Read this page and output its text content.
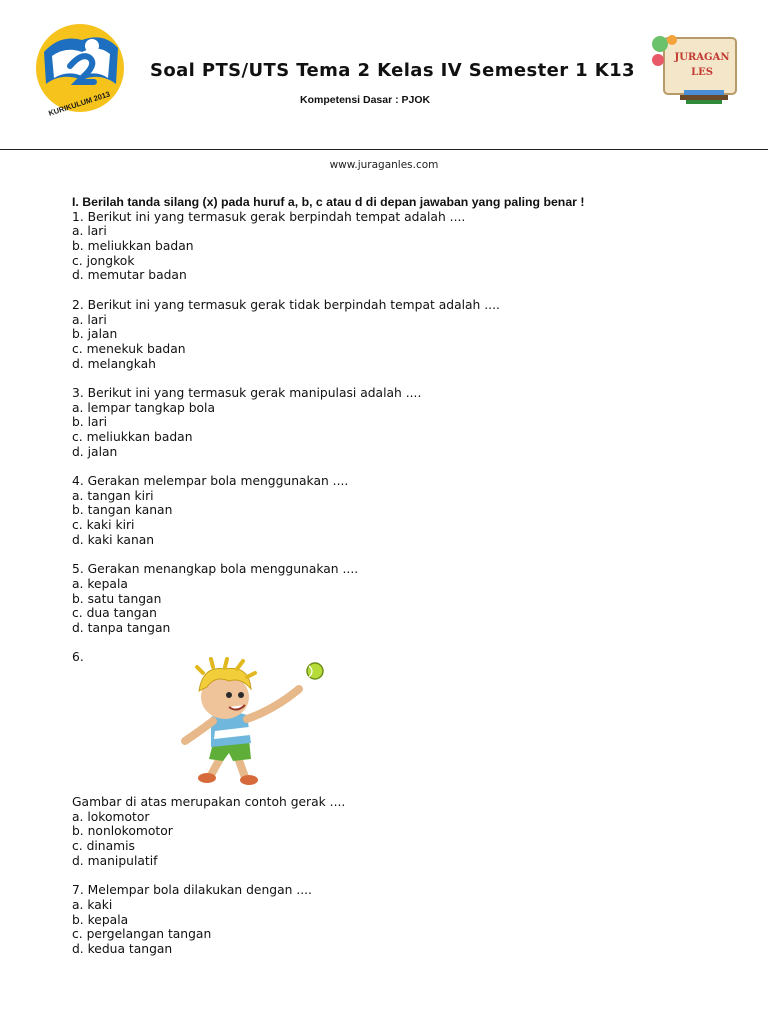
KURIKULUM 2013
Soal PTS/UTS Tema 2 Kelas IV Semester 1 K13
Kompetensi Dasar : PJOK
JURAGAN
LES
www.juraganles.com
I. Berilah tanda silang (x) pada huruf a, b, c atau d di depan jawaban yang paling benar !
1. Berikut ini yang termasuk gerak berpindah tempat adalah ....
a. lari
b. meliukkan badan
c. jongkok
d. memutar badan
2. Berikut ini yang termasuk gerak tidak berpindah tempat adalah ....
a. lari
b. jalan
c. menekuk badan
d. melangkah
3. Berikut ini yang termasuk gerak manipulasi adalah ....
a. lempar tangkap bola
b. lari
c. meliukkan badan
d. jalan
4. Gerakan melempar bola menggunakan ....
a. tangan kiri
b. tangan kanan
c. kaki kiri
d. kaki kanan
5. Gerakan menangkap bola menggunakan ....
a. kepala
b. satu tangan
c. dua tangan
d. tanpa tangan
6.
Gambar di atas merupakan contoh gerak ....
a. lokomotor
b. nonlokomotor
c. dinamis
d. manipulatif
7. Melempar bola dilakukan dengan ....
a. kaki
b. kepala
c. pergelangan tangan
d. kedua tangan
